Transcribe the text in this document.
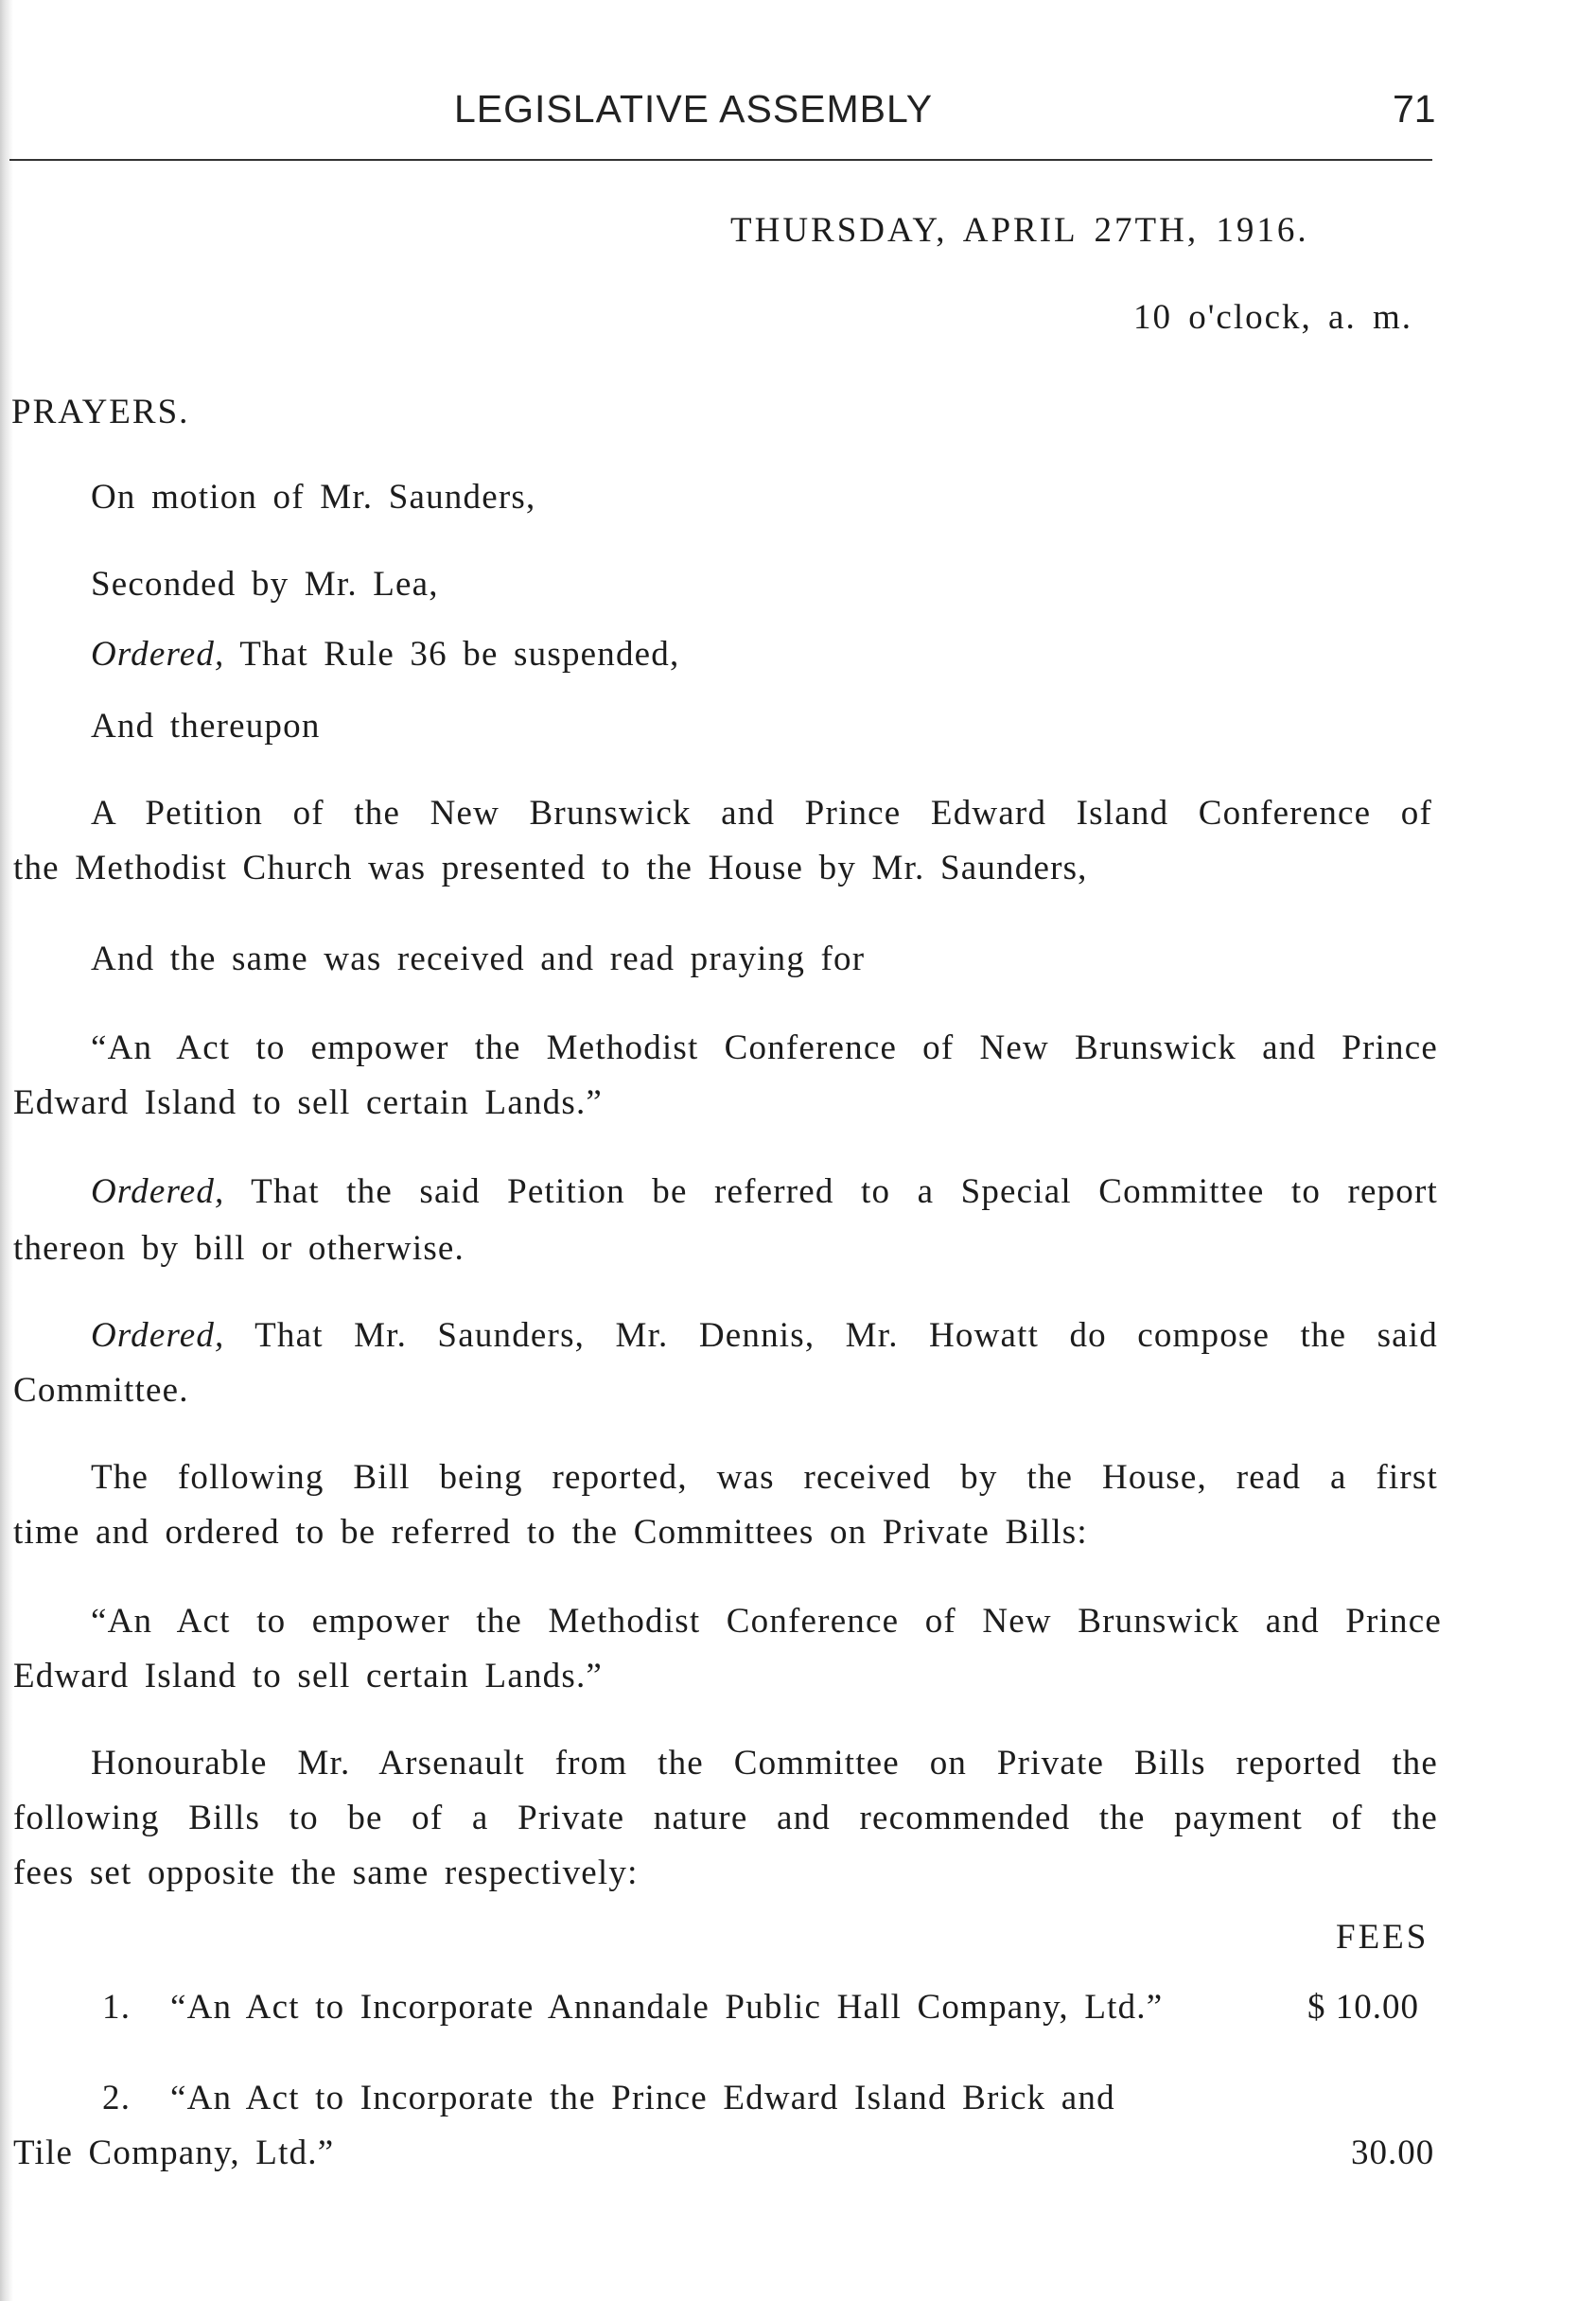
LEGISLATIVE ASSEMBLY	71
THURSDAY, APRIL 27TH, 1916.
10 o'clock, a. m.
PRAYERS.
On motion of Mr. Saunders,
Seconded by Mr. Lea,
Ordered, That Rule 36 be suspended,
And thereupon
A Petition of the New Brunswick and Prince Edward Island Conference of
the Methodist Church was presented to the House by Mr. Saunders,
And the same was received and read praying for
“An Act to empower the Methodist Conference of New Brunswick and Prince
Edward Island to sell certain Lands.”
Ordered, That the said Petition be referred to a Special Committee to report
thereon by bill or otherwise.
Ordered, That Mr. Saunders, Mr. Dennis, Mr. Howatt do compose the said
Committee.
The following Bill being reported, was received by the House, read a first
time and ordered to be referred to the Committees on Private Bills:
“An Act to empower the Methodist Conference of New Brunswick and Prince
Edward Island to sell certain Lands.”
Honourable Mr. Arsenault from the Committee on Private Bills reported the
following Bills to be of a Private nature and recommended the payment of the
fees set opposite the same respectively:
FEES
1. “An Act to Incorporate Annandale Public Hall Company, Ltd.”	$ 10.00
2. “An Act to Incorporate the Prince Edward Island Brick and
Tile Company, Ltd.”	30.00
